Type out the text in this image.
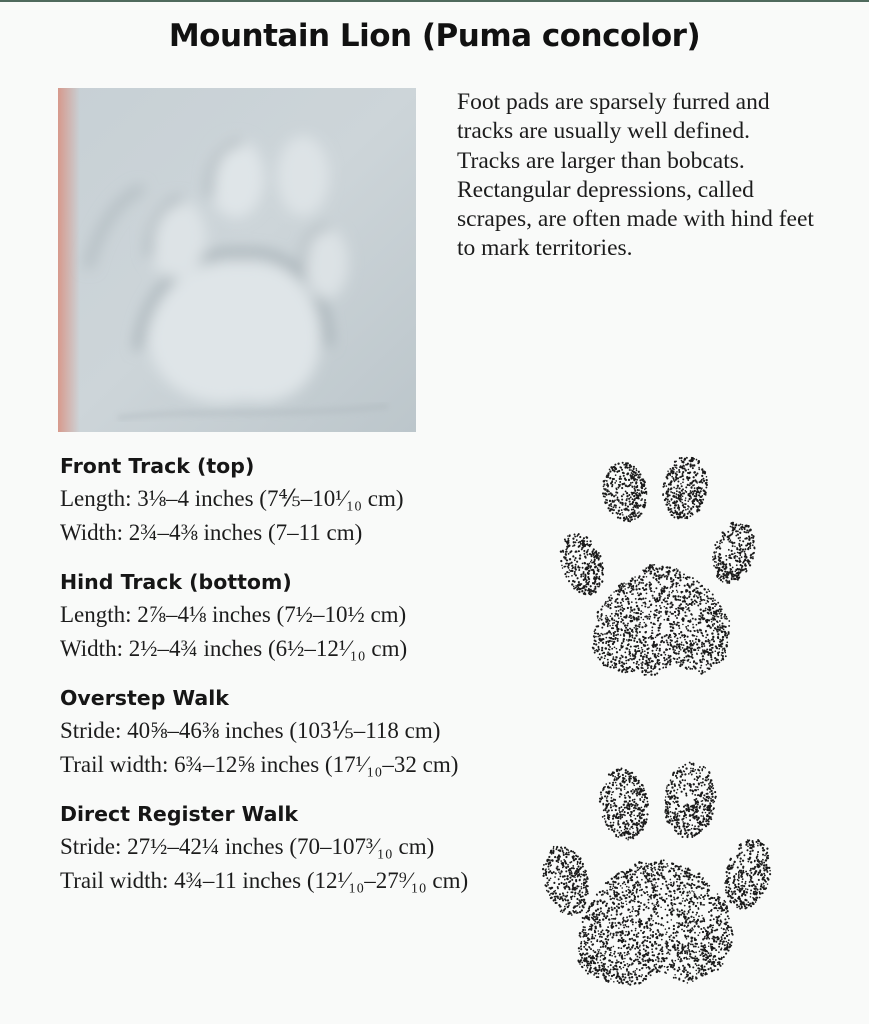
Mountain Lion (Puma concolor)

Foot pads are sparsely furred and tracks are usually well defined. Tracks are larger than bobcats. Rectangular depressions, called scrapes, are often made with hind feet to mark territories.

Front Track (top)
Length: 3⅛–4 inches (7⅘–10¹⁄₁₀ cm)
Width: 2¾–4⅜ inches (7–11 cm)
Hind Track (bottom)
Length: 2⅞–4⅛ inches (7½–10½ cm)
Width: 2½–4¾ inches (6½–12¹⁄₁₀ cm)
Overstep Walk
Stride: 40⅝–46⅜ inches (103⅕–118 cm)
Trail width: 6¾–12⅝ inches (17¹⁄₁₀–32 cm)
Direct Register Walk
Stride: 27½–42¼ inches (70–107³⁄₁₀ cm)
Trail width: 4¾–11 inches (12¹⁄₁₀–27⁹⁄₁₀ cm)
